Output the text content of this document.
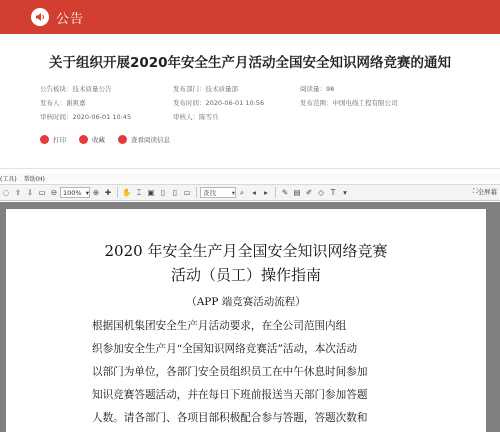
公告
关于组织开展2020年安全生产月活动全国安全知识网络竞赛的通知
公告板块：技术质量公告	发布部门：技术质量部	阅读量：98
发布人：谢爽嘉	发布时间：2020-06-01 10:56	发布范围：中国电线工程有限公司
审核时间：2020-06-01 10:45	审核人：陈雪兵
打印	收藏	查看阅读信息
(工具) 帮助(H)
◌ ⇧ ⇩ ▭ ⊖ 100% ▾ ⊕ ✚ ✋ ⌶ ▣ ▯	▯ ▭ 查找 ▾ ⌕	◂	▸	✎ ▤ ✐ ◇ T	▾	⛶ 全屏幕
2020 年安全生产月全国安全知识网络竞赛
活动（员工）操作指南
（APP 端竞赛活动流程）
根据国机集团安全生产月活动要求，在全公司范围内组
织参加安全生产月“全国知识网络竞赛活”活动，本次活动
以部门为单位，各部门安全员组织员工在中午休息时间参加
知识竞赛答题活动，并在每日下班前报送当天部门参加答题
人数。请各部门、各项目部积极配合参与答题，答题次数和
